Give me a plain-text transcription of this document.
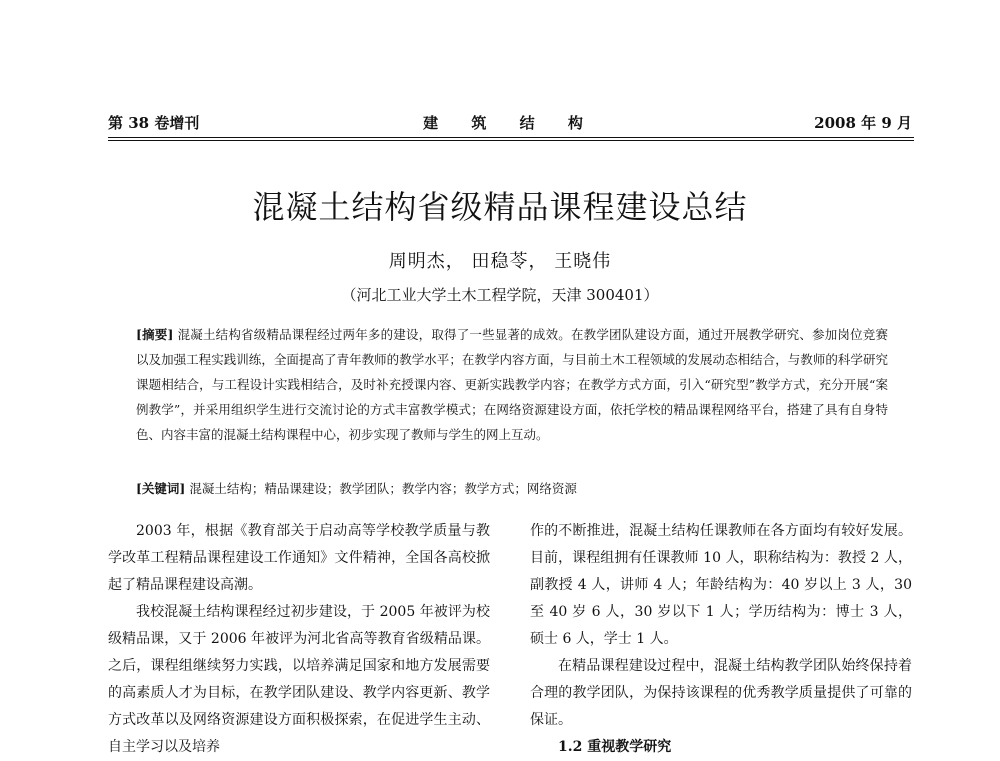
第 38 卷增刊	建 筑 结 构	2008 年 9 月
混凝土结构省级精品课程建设总结
周明杰， 田稳苓， 王晓伟
（河北工业大学土木工程学院，天津 300401）
[摘要] 混凝土结构省级精品课程经过两年多的建设，取得了一些显著的成效。在教学团队建设方面，通过开展教学研究、参加岗位竞赛以及加强工程实践训练，全面提高了青年教师的教学水平；在教学内容方面，与目前土木工程领域的发展动态相结合，与教师的科学研究课题相结合，与工程设计实践相结合，及时补充授课内容、更新实践教学内容；在教学方式方面，引入“研究型”教学方式，充分开展“案例教学”，并采用组织学生进行交流讨论的方式丰富教学模式；在网络资源建设方面，依托学校的精品课程网络平台，搭建了具有自身特色、内容丰富的混凝土结构课程中心，初步实现了教师与学生的网上互动。
[关键词] 混凝土结构；精品课建设；教学团队；教学内容；教学方式；网络资源

2003 年，根据《教育部关于启动高等学校教学质量与教学改革工程精品课程建设工作通知》文件精神，全国各高校掀起了精品课程建设高潮。

我校混凝土结构课程经过初步建设，于 2005 年被评为校级精品课，又于 2006 年被评为河北省高等教育省级精品课。之后，课程组继续努力实践，以培养满足国家和地方发展需要的高素质人才为目标，在教学团队建设、教学内容更新、教学方式改革以及网络资源建设方面积极探索，在促进学生主动、自主学习以及培养

作的不断推进，混凝土结构任课教师在各方面均有较好发展。目前，课程组拥有任课教师 10 人，职称结构为：教授 2 人，副教授 4 人，讲师 4 人；年龄结构为：40 岁以上 3 人，30 至 40 岁 6 人，30 岁以下 1 人；学历结构为：博士 3 人，硕士 6 人，学士 1 人。

在精品课程建设过程中，混凝土结构教学团队始终保持着合理的教学团队，为保持该课程的优秀教学质量提供了可靠的保证。

1.2 重视教学研究
